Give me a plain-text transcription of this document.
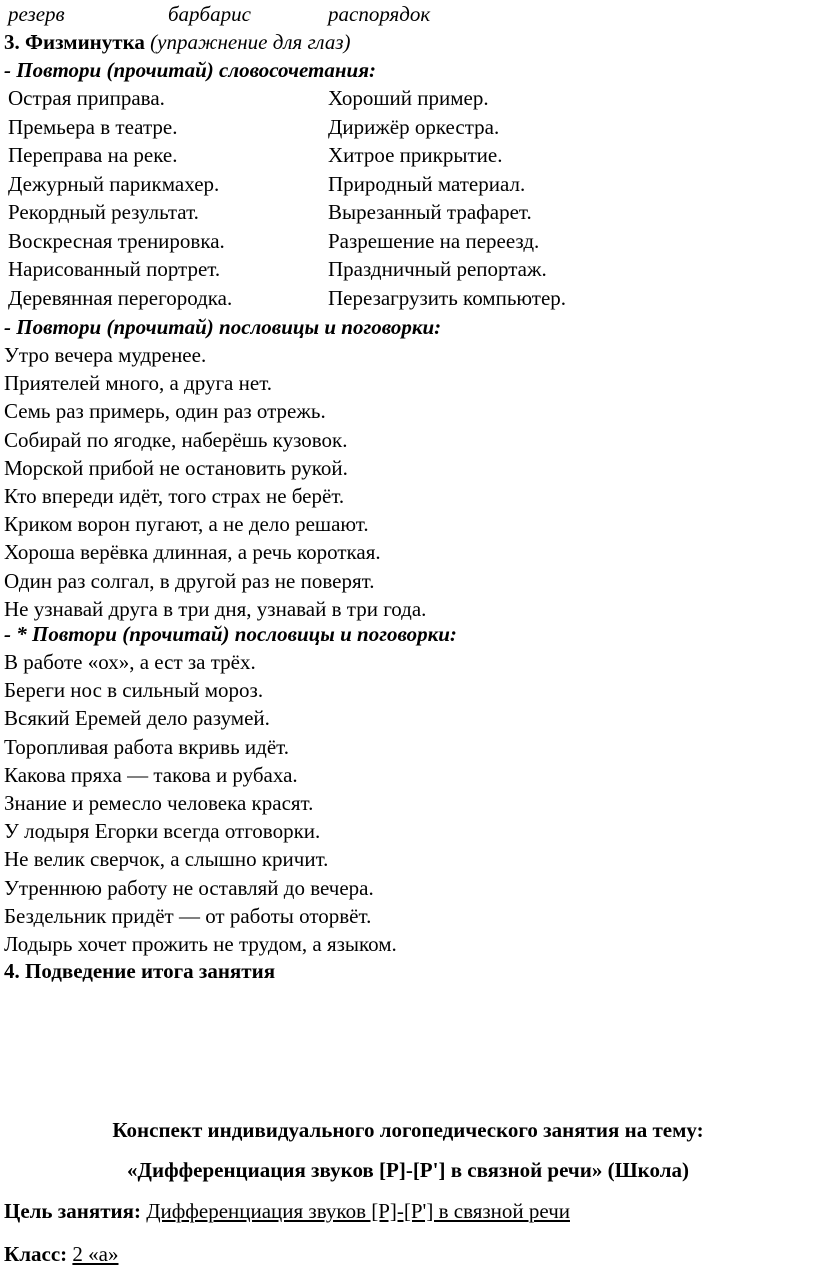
резерв	барбарис	распорядок
3. Физминутка (упражнение для глаз)
- Повтори (прочитай) словосочетания:
Острая приправа.	Хороший пример.
Премьера в театре.	Дирижёр оркестра.
Переправа на реке.	Хитрое прикрытие.
Дежурный парикмахер.	Природный материал.
Рекордный результат.	Вырезанный трафарет.
Воскресная тренировка.	Разрешение на переезд.
Нарисованный портрет.	Праздничный репортаж.
Деревянная перегородка.	Перезагрузить компьютер.
- Повтори (прочитай) пословицы и поговорки:
Утро вечера мудренее.
Приятелей много, а друга нет.
Семь раз примерь, один раз отрежь.
Собирай по ягодке, наберёшь кузовок.
Морской прибой не остановить рукой.
Кто впереди идёт, того страх не берёт.
Криком ворон пугают, а не дело решают.
Хороша верёвка длинная, а речь короткая.
Один раз солгал, в другой раз не поверят.
Не узнавай друга в три дня, узнавай в три года.
- * Повтори (прочитай) пословицы и поговорки:
В работе «ох», а ест за трёх.
Береги нос в сильный мороз.
Всякий Еремей дело разумей.
Торопливая работа вкривь идёт.
Какова пряха — такова и рубаха.
Знание и ремесло человека красят.
У лодыря Егорки всегда отговорки.
Не велик сверчок, а слышно кричит.
Утреннюю работу не оставляй до вечера.
Бездельник придёт — от работы оторвёт.
Лодырь хочет прожить не трудом, а языком.
4. Подведение итога занятия
Конспект индивидуального логопедического занятия на тему:
«Дифференциация звуков [Р]-[Р'] в связной речи» (Школа)
Цель занятия: Дифференциация звуков [Р]-[Р'] в связной речи
Класс: 2 «а»
